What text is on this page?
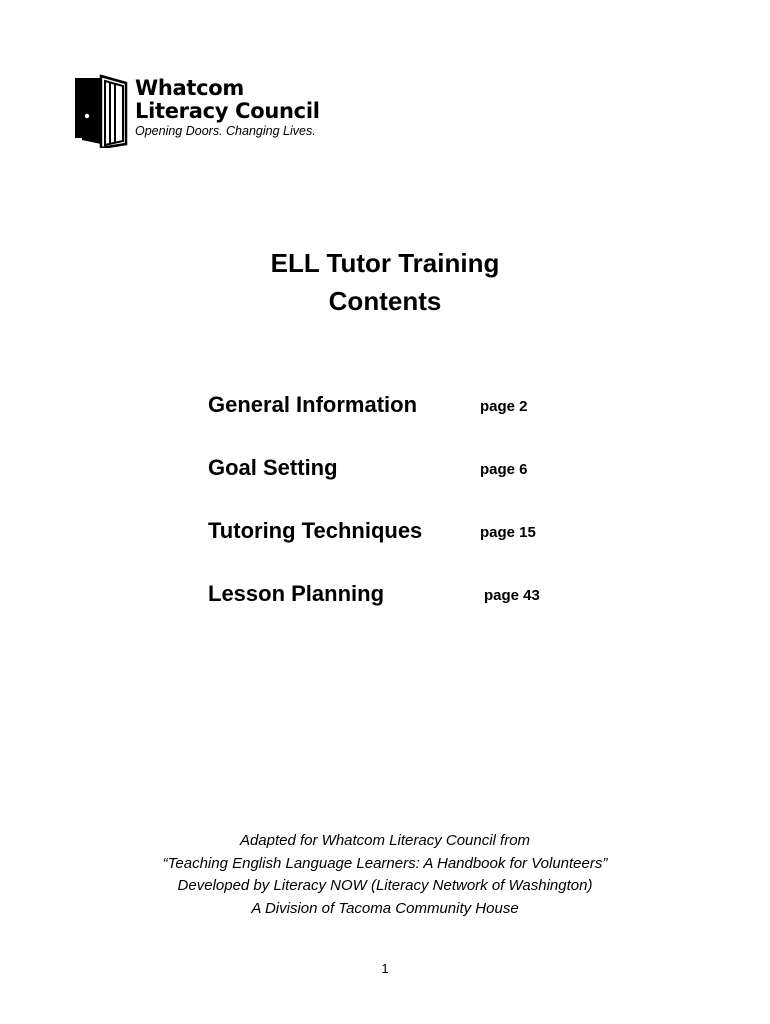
Whatcom
Literacy Council
Opening Doors. Changing Lives.
ELL Tutor Training
Contents
General Information	page 2
Goal Setting	page 6
Tutoring Techniques	page 15
Lesson Planning	page 43
Adapted for Whatcom Literacy Council from
“Teaching English Language Learners: A Handbook for Volunteers”
Developed by Literacy NOW (Literacy Network of Washington)
A Division of Tacoma Community House
1
